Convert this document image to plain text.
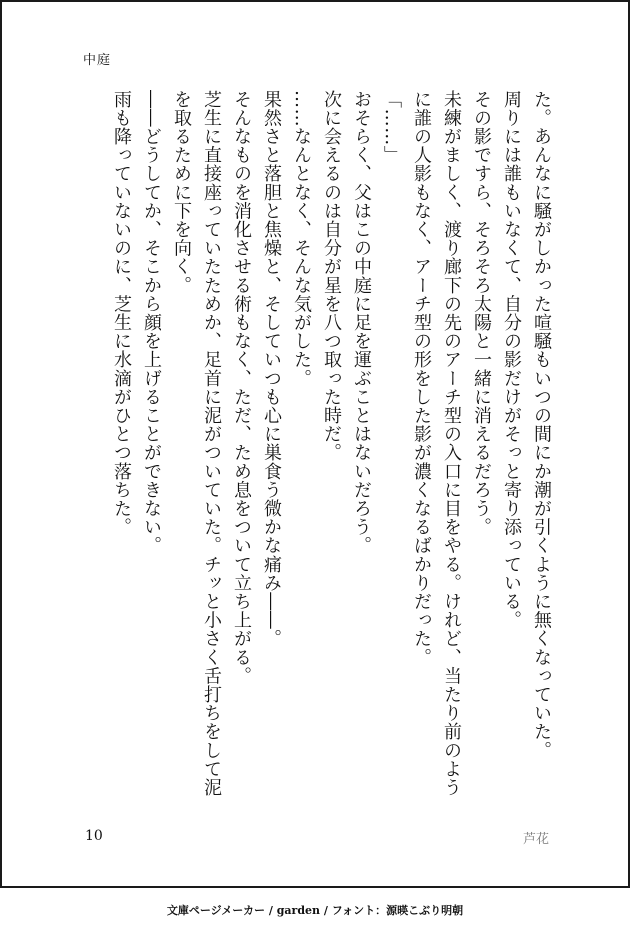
中庭

た。あんなに騒がしかった喧騒もいつの間にか潮が引くように無くなっていた。

周りには誰もいなくて、自分の影だけがそっと寄り添っている。

その影ですら、そろそろ太陽と一緒に消えるだろう。

未練がましく、渡り廊下の先のアーチ型の入口に目をやる。けれど、当たり前のように誰の人影もなく、アーチ型の形をした影が濃くなるばかりだった。

「……」

おそらく、父はこの中庭に足を運ぶことはないだろう。

次に会えるのは自分が星を八つ取った時だ。

……なんとなく、そんな気がした。

果然さと落胆と焦燥と、そしていつも心に巣食う微かな痛み――。

そんなものを消化させる術もなく、ただ、ため息をついて立ち上がる。

芝生に直接座っていたためか、足首に泥がついていた。チッと小さく舌打ちをして泥を取るために下を向く。

――どうしてか、そこから顔を上げることができない。

雨も降っていないのに、芝生に水滴がひとつ落ちた。

10	芦花
文庫ページメーカー / garden / フォント：源暎こぶり明朝
